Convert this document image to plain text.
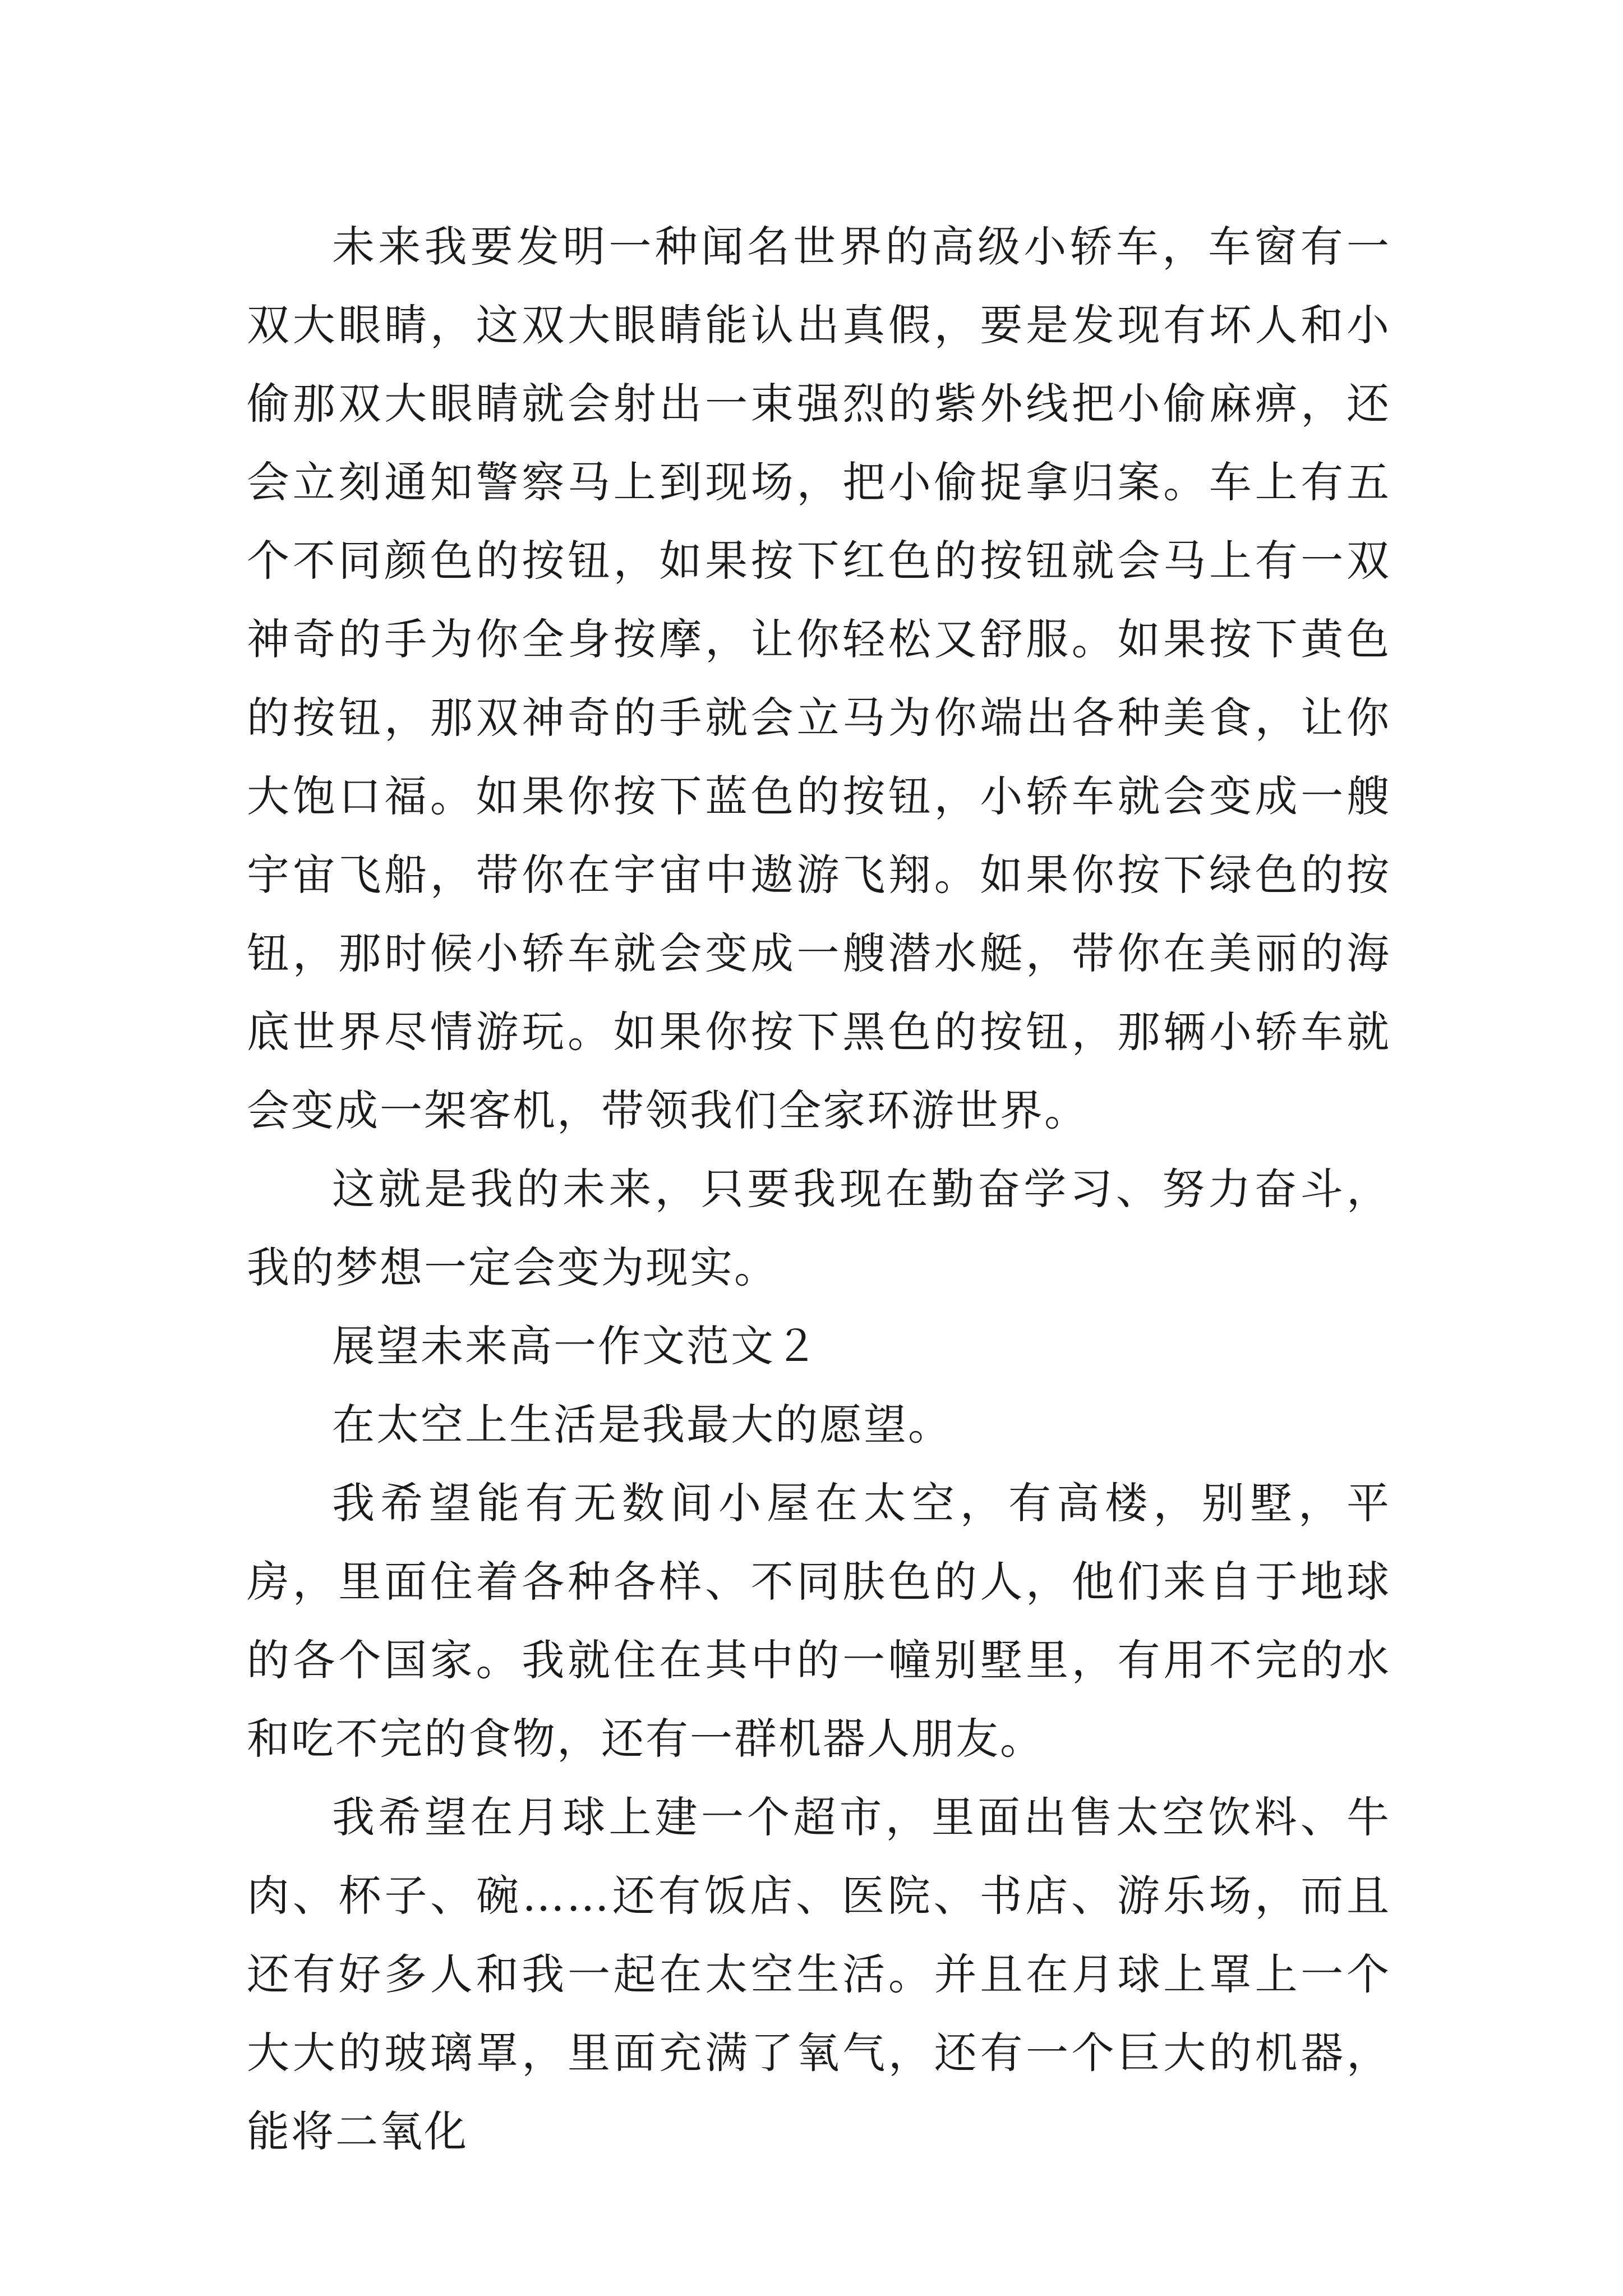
未来我要发明一种闻名世界的高级小轿车，车窗有一双大眼睛，这双大眼睛能认出真假，要是发现有坏人和小偷那双大眼睛就会射出一束强烈的紫外线把小偷麻痹，还会立刻通知警察马上到现场，把小偷捉拿归案。车上有五个不同颜色的按钮，如果按下红色的按钮就会马上有一双神奇的手为你全身按摩，让你轻松又舒服。如果按下黄色的按钮，那双神奇的手就会立马为你端出各种美食，让你大饱口福。如果你按下蓝色的按钮，小轿车就会变成一艘宇宙飞船，带你在宇宙中遨游飞翔。如果你按下绿色的按钮，那时候小轿车就会变成一艘潜水艇，带你在美丽的海底世界尽情游玩。如果你按下黑色的按钮，那辆小轿车就会变成一架客机，带领我们全家环游世界。

这就是我的未来，只要我现在勤奋学习、努力奋斗，我的梦想一定会变为现实。

展望未来高一作文范文２

在太空上生活是我最大的愿望。

我希望能有无数间小屋在太空，有高楼，别墅，平房，里面住着各种各样、不同肤色的人，他们来自于地球的各个国家。我就住在其中的一幢别墅里，有用不完的水和吃不完的食物，还有一群机器人朋友。

我希望在月球上建一个超市，里面出售太空饮料、牛肉、杯子、碗……还有饭店、医院、书店、游乐场，而且还有好多人和我一起在太空生活。并且在月球上罩上一个大大的玻璃罩，里面充满了氧气，还有一个巨大的机器，能将二氧化
